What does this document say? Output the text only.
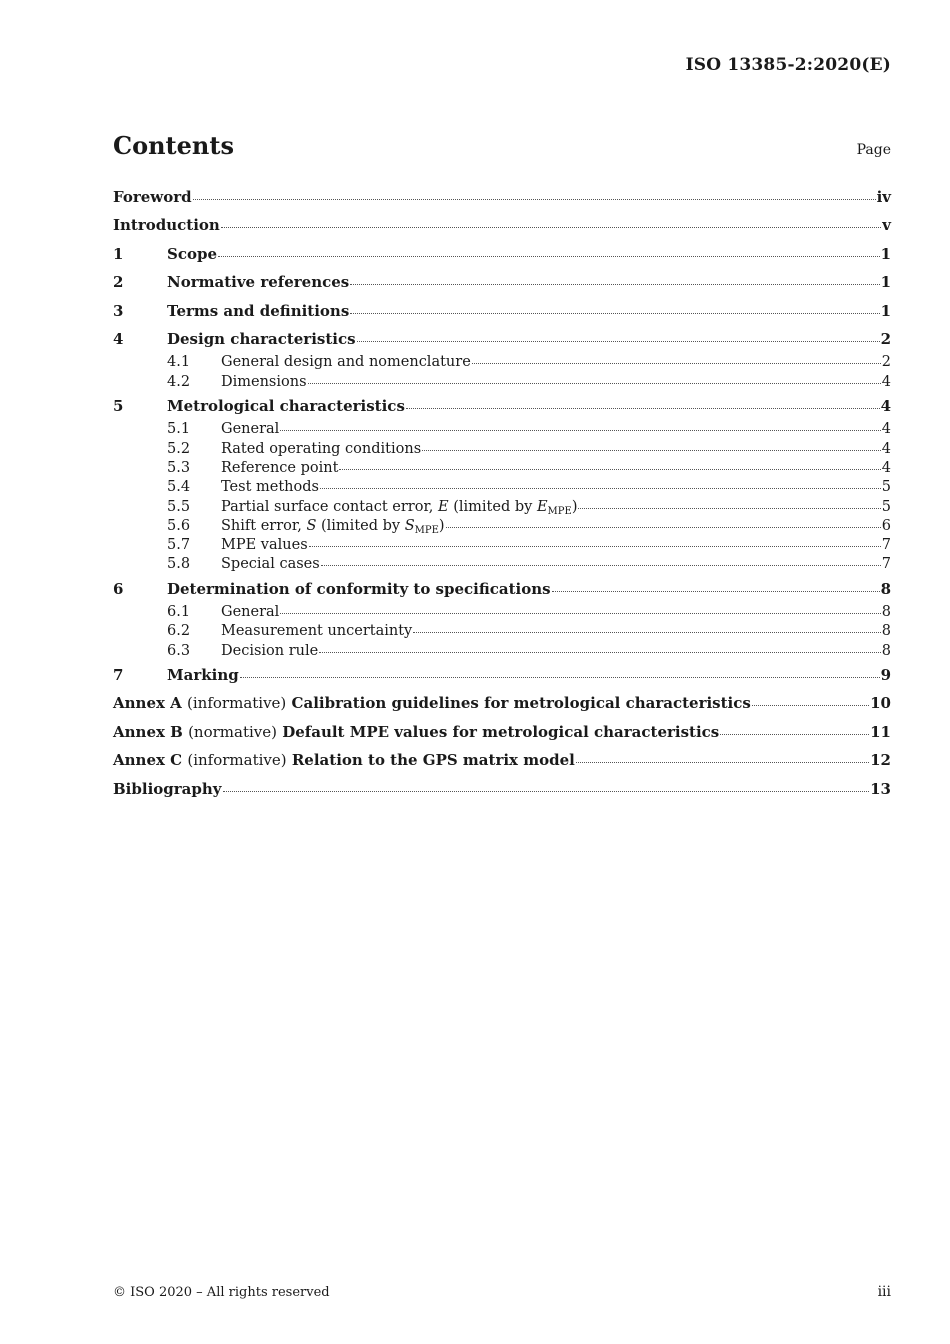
ISO 13385-2:2020(E)
Contents	Page
Foreword	iv
Introduction	v
1	Scope	1
2	Normative references	1
3	Terms and definitions	1
4	Design characteristics	2
4.1	General design and nomenclature	2
4.2	Dimensions	4
5	Metrological characteristics	4
5.1	General	4
5.2	Rated operating conditions	4
5.3	Reference point	4
5.4	Test methods	5
5.5	Partial surface contact error, E (limited by $E_{MPE}$)	5
5.6	Shift error, S (limited by $S_{MPE}$)	6
5.7	MPE values	7
5.8	Special cases	7
6	Determination of conformity to specifications	8
6.1	General	8
6.2	Measurement uncertainty	8
6.3	Decision rule	8
7	Marking	9
Annex A (informative) Calibration guidelines for metrological characteristics	10
Annex B (normative) Default MPE values for metrological characteristics	11
Annex C (informative) Relation to the GPS matrix model	12
Bibliography	13
© ISO 2020 – All rights reserved	iii
